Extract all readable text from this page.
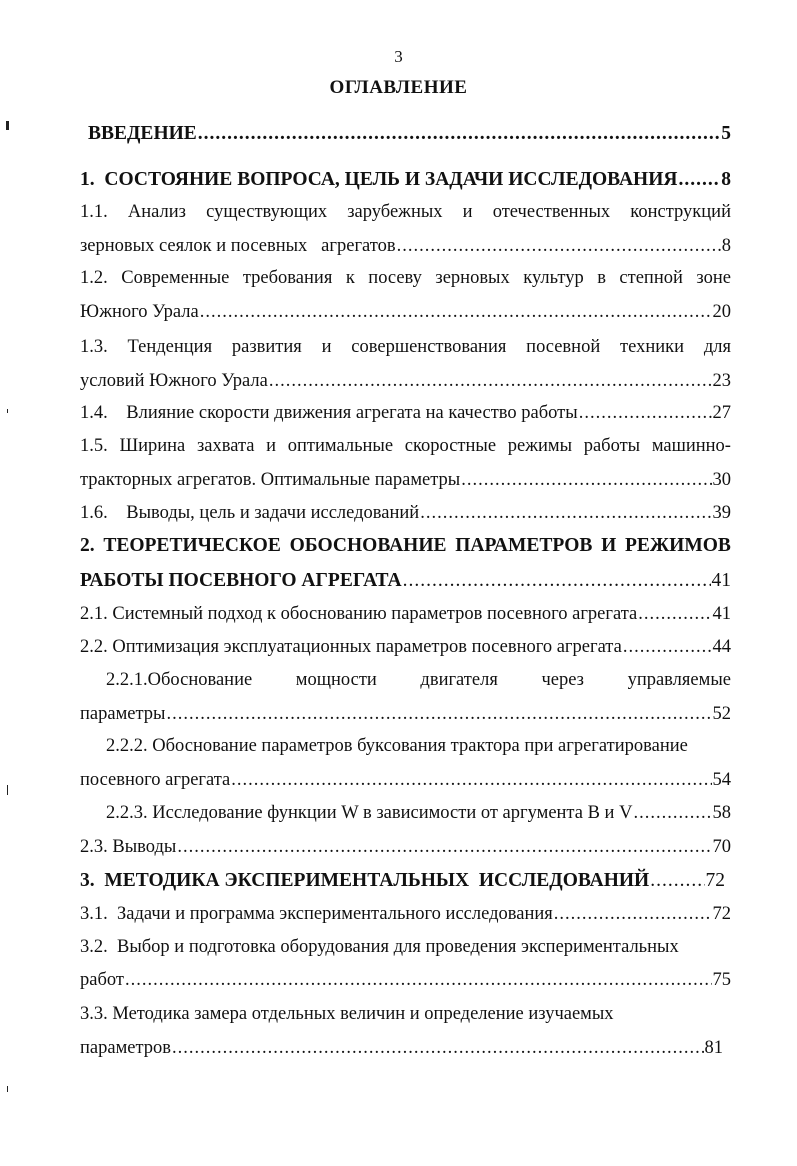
3
ОГЛАВЛЕНИЕ
ВВЕДЕНИЕ .....	5
1.  СОСТОЯНИЕ ВОПРОСА, ЦЕЛЬ И ЗАДАЧИ ИССЛЕДОВАНИЯ ..... 8
1.1. Анализ существующих зарубежных и отечественных конструкций
зерновых сеялок и посевных   агрегатов .....	8
1.2. Современные требования к посеву зерновых культур в степной зоне
Южного Урала .....	20
1.3. Тенденция развития и совершенствования посевной техники для
условий Южного Урала .....	23
1.4.    Влияние скорости движения агрегата на качество работы .....	27
1.5. Ширина захвата и оптимальные скоростные режимы работы машинно-
тракторных агрегатов. Оптимальные параметры .....	30
1.6.    Выводы, цель и задачи исследований .....	39
2. ТЕОРЕТИЧЕСКОЕ ОБОСНОВАНИЕ ПАРАМЕТРОВ И РЕЖИМОВ
РАБОТЫ ПОСЕВНОГО АГРЕГАТА .....	41
2.1. Системный подход к обоснованию параметров посевного агрегата .....	41
2.2. Оптимизация эксплуатационных параметров посевного агрегата .....	44
2.2.1.Обоснование мощности двигателя через управляемые
параметры .....	52
2.2.2. Обоснование параметров буксования трактора при агрегатирование
посевного агрегата .....	54
2.2.3. Исследование функции W в зависимости от аргумента B и V .....	58
2.3. Выводы .....	70
3.  МЕТОДИКА ЭКСПЕРИМЕНТАЛЬНЫХ  ИССЛЕДОВАНИЙ .....	72
3.1.  Задачи и программа экспериментального исследования .....	72
3.2.  Выбор и подготовка оборудования для проведения экспериментальных
работ .....	75
3.3. Методика замера отдельных величин и определение изучаемых
параметров .....	81
